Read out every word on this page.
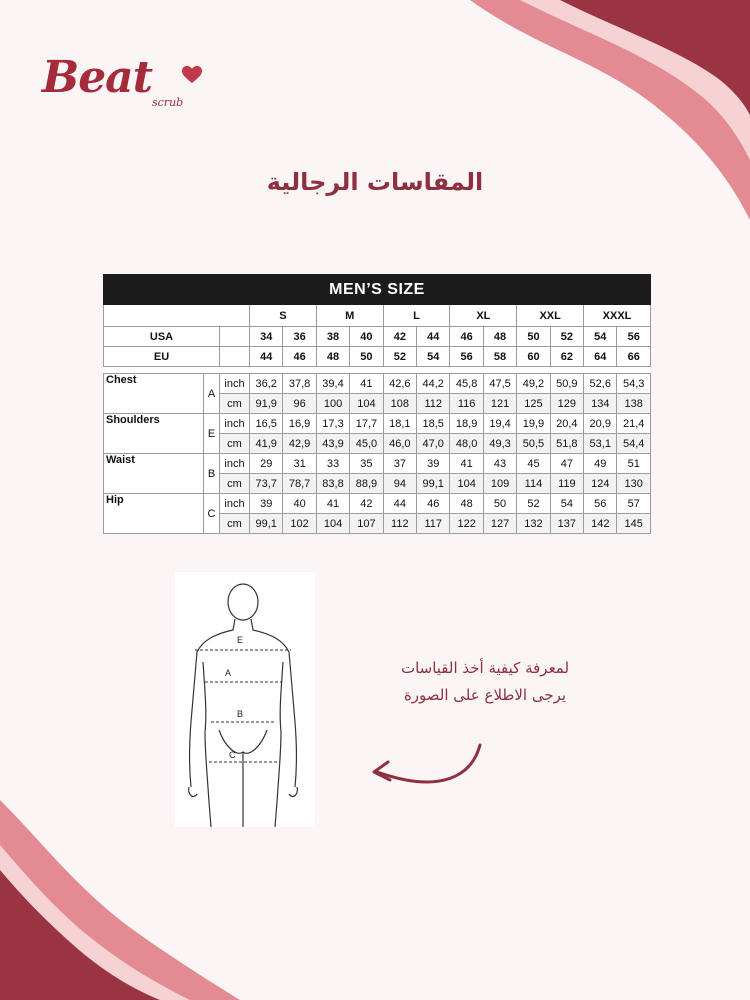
Beat scrub
المقاسات الرجالية
MEN’S SIZE														
			S		M		L		XL		XXL		XXXL	
USA			34	36	38	40	42	44	46	48	50	52	54	56
EU			44	46	48	50	52	54	56	58	60	62	64	66

Chest	A	inch	36,2	37,8	39,4	41	42,6	44,2	45,8	47,5	49,2	50,9	52,6	54,3
		cm	91,9	96	100	104	108	112	116	121	125	129	134	138
Shoulders	E	inch	16,5	16,9	17,3	17,7	18,1	18,5	18,9	19,4	19,9	20,4	20,9	21,4
		cm	41,9	42,9	43,9	45,0	46,0	47,0	48,0	49,3	50,5	51,8	53,1	54,4
Waist	B	inch	29	31	33	35	37	39	41	43	45	47	49	51
		cm	73,7	78,7	83,8	88,9	94	99,1	104	109	114	119	124	130
Hip	C	inch	39	40	41	42	44	46	48	50	52	54	56	57
		cm	99,1	102	104	107	112	117	122	127	132	137	142	145
E
A
B
C
لمعرفة كيفية أخذ القياسات
يرجى الاطلاع على الصورة
